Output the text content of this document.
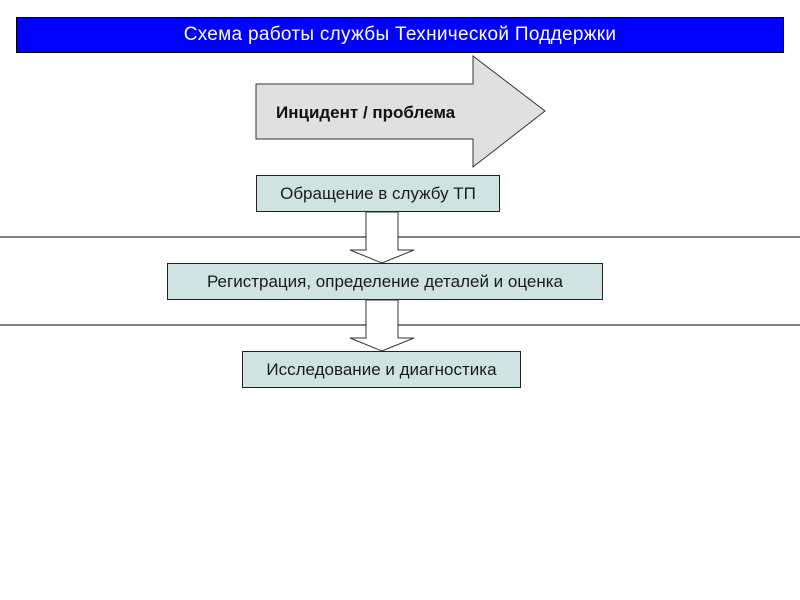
Схема работы службы Технической Поддержки
Инцидент / проблема
Обращение в службу ТП
Регистрация, определение деталей и оценка
Исследование и диагностика
